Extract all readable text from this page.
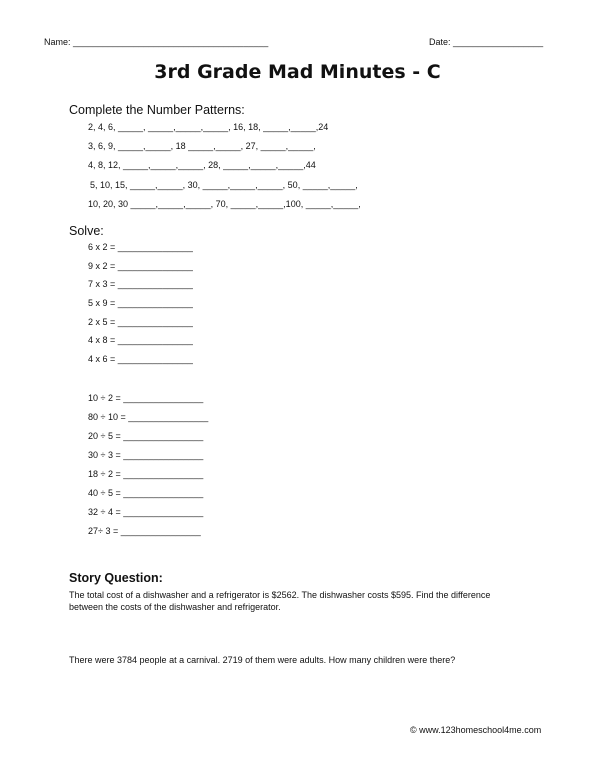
Name: _______________________________________	Date: __________________
3rd Grade Mad Minutes - C
Complete the Number Patterns:
2, 4, 6, _____, _____,_____,_____, 16, 18, _____,_____,24
3, 6, 9, _____,_____, 18 _____,_____, 27, _____,_____,
4, 8, 12, _____,_____,_____, 28, _____,_____,_____,44
5, 10, 15, _____,_____, 30, _____,_____,_____, 50, _____,_____,
10, 20, 30 _____,_____,_____, 70, _____,_____,100, _____,_____,
Solve:
6 x 2 = _______________
9 x 2 = _______________
7 x 3 = _______________
5 x 9 = _______________
2 x 5 = _______________
4 x 8 = _______________
4 x 6 = _______________
10 ÷ 2 = ________________
80 ÷ 10 = ________________
20 ÷ 5 = ________________
30 ÷ 3 = ________________
18 ÷ 2 = ________________
40 ÷ 5 = ________________
32 ÷ 4 = ________________
27÷ 3 = ________________
Story Question:
The total cost of a dishwasher and a refrigerator is $2562. The dishwasher costs $595. Find the difference between the costs of the dishwasher and refrigerator.
There were 3784 people at a carnival. 2719 of them were adults. How many children were there?
© www.123homeschool4me.com
